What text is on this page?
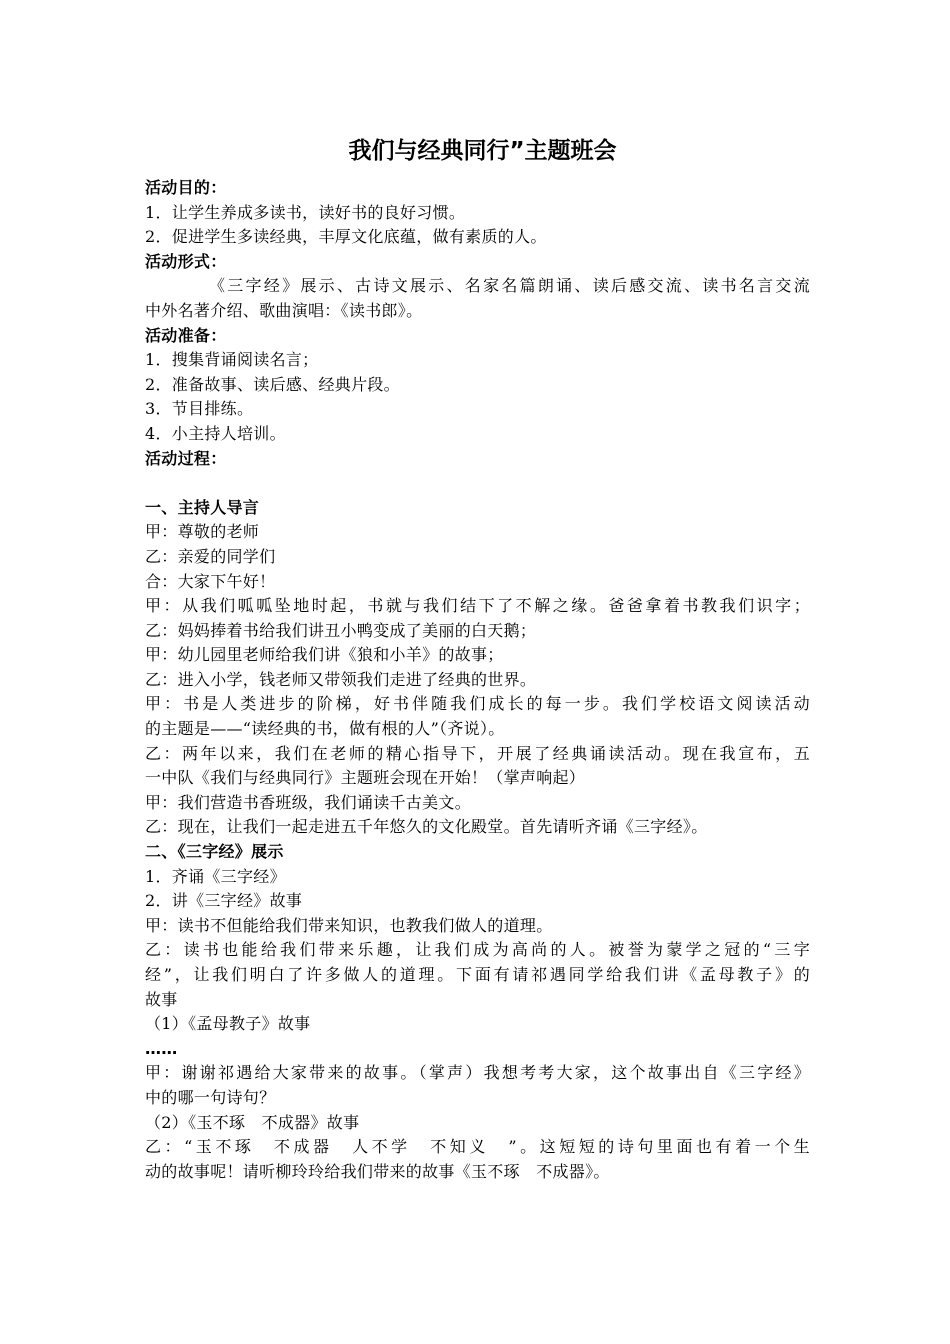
我们与经典同行”主题班会
活动目的：
1．让学生养成多读书，读好书的良好习惯。
2．促进学生多读经典，丰厚文化底蕴，做有素质的人。
活动形式：
《三字经》展示、古诗文展示、名家名篇朗诵、读后感交流、读书名言交流
中外名著介绍、歌曲演唱：《读书郎》。
活动准备：
1．搜集背诵阅读名言；
2．准备故事、读后感、经典片段。
3．节目排练。
4．小主持人培训。
活动过程：
一、主持人导言
甲：尊敬的老师
乙：亲爱的同学们
合：大家下午好！
甲：从我们呱呱坠地时起，书就与我们结下了不解之缘。爸爸拿着书教我们识字；
乙：妈妈捧着书给我们讲丑小鸭变成了美丽的白天鹅；
甲：幼儿园里老师给我们讲《狼和小羊》的故事；
乙：进入小学，钱老师又带领我们走进了经典的世界。
甲：书是人类进步的阶梯，好书伴随我们成长的每一步。我们学校语文阅读活动
的主题是——“读经典的书，做有根的人”（齐说）。
乙：两年以来，我们在老师的精心指导下，开展了经典诵读活动。现在我宣布，五
一中队《我们与经典同行》主题班会现在开始！（掌声响起）
甲：我们营造书香班级，我们诵读千古美文。
乙：现在，让我们一起走进五千年悠久的文化殿堂。首先请听齐诵《三字经》。
二、《三字经》展示
1．齐诵《三字经》
2．讲《三字经》故事
甲：读书不但能给我们带来知识，也教我们做人的道理。
乙：读书也能给我们带来乐趣，让我们成为高尚的人。被誉为蒙学之冠的“三字
经”，让我们明白了许多做人的道理。下面有请祁遇同学给我们讲《孟母教子》的
故事
（1）《孟母教子》故事
……
甲：谢谢祁遇给大家带来的故事。（掌声）我想考考大家，这个故事出自《三字经》
中的哪一句诗句？
（2）《玉不琢　不成器》故事
乙：“玉不琢　不成器　人不学　不知义　”。这短短的诗句里面也有着一个生
动的故事呢！请听柳玲玲给我们带来的故事《玉不琢　不成器》。
